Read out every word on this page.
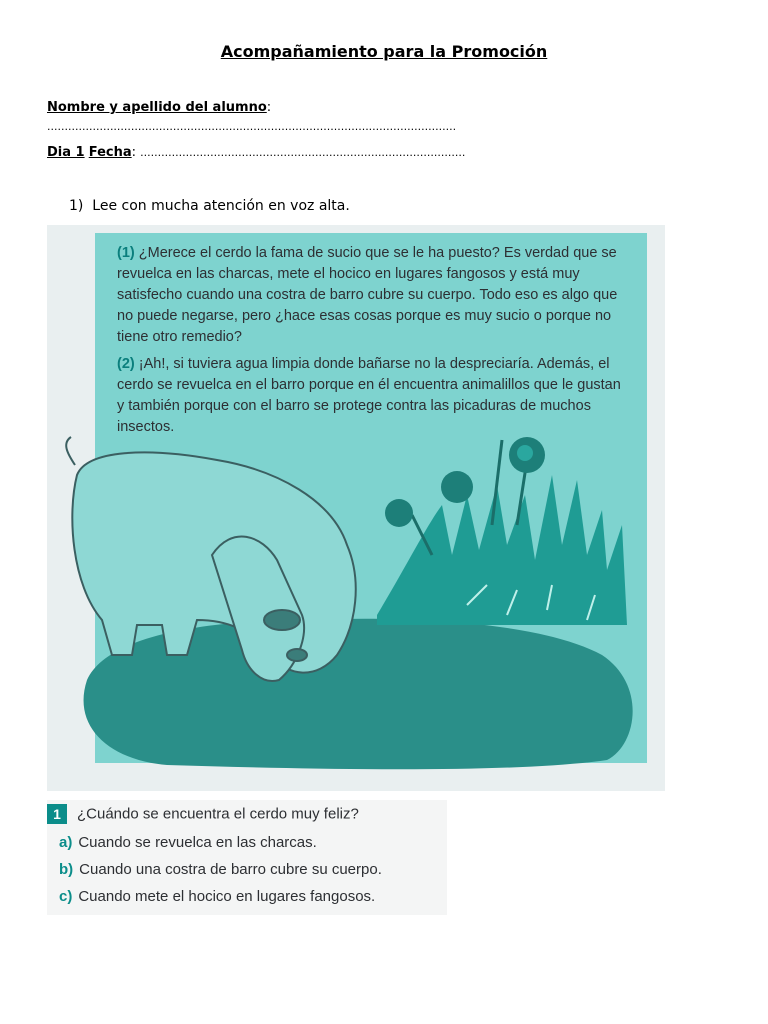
Acompañamiento para la Promoción
Nombre y apellido del alumno:
.....................................................................................................................
Dia 1 Fecha: .............................................................................................
1) Lee con mucha atención en voz alta.

(1) ¿Merece el cerdo la fama de sucio que se le ha puesto? Es verdad que se revuelca en las charcas, mete el hocico en lugares fangosos y está muy satisfecho cuando una costra de barro cubre su cuerpo. Todo eso es algo que no puede negarse, pero ¿hace esas cosas porque es muy sucio o porque no tiene otro remedio?

(2) ¡Ah!, si tuviera agua limpia donde bañarse no la despreciaría. Además, el cerdo se revuelca en el barro porque en él encuentra animalillos que le gustan y también porque con el barro se protege contra las picaduras de muchos insectos.

1 ¿Cuándo se encuentra el cerdo muy feliz?
a) Cuando se revuelca en las charcas.
b) Cuando una costra de barro cubre su cuerpo.
c) Cuando mete el hocico en lugares fangosos.
